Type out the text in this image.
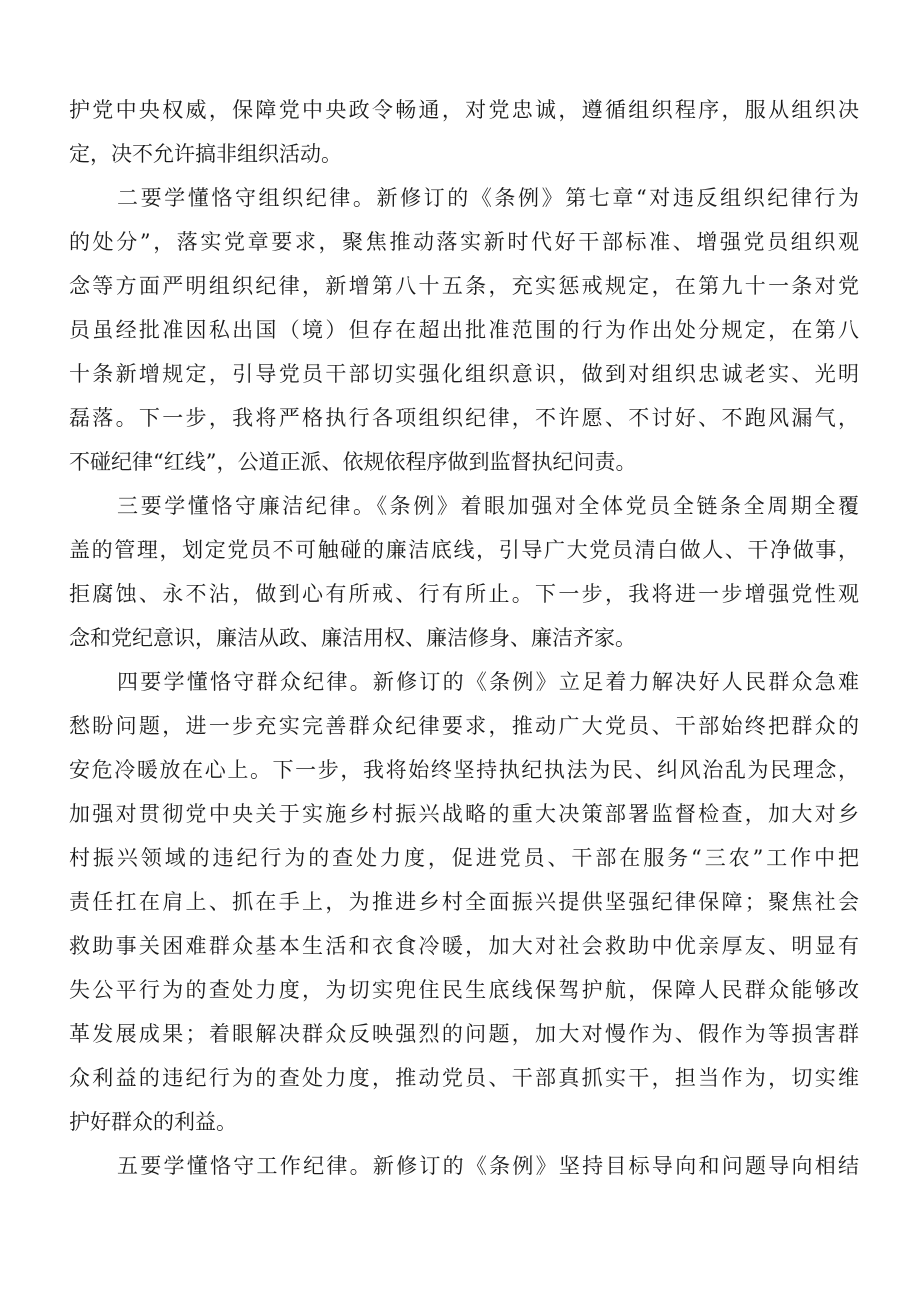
护党中央权威，保障党中央政令畅通，对党忠诚，遵循组织程序，服从组织决
定，决不允许搞非组织活动。
二要学懂恪守组织纪律。新修订的《条例》第七章“对违反组织纪律行为
的处分”，落实党章要求，聚焦推动落实新时代好干部标准、增强党员组织观
念等方面严明组织纪律，新增第八十五条，充实惩戒规定，在第九十一条对党
员虽经批准因私出国（境）但存在超出批准范围的行为作出处分规定，在第八
十条新增规定，引导党员干部切实强化组织意识，做到对组织忠诚老实、光明
磊落。下一步，我将严格执行各项组织纪律，不许愿、不讨好、不跑风漏气，
不碰纪律“红线”，公道正派、依规依程序做到监督执纪问责。
三要学懂恪守廉洁纪律。《条例》着眼加强对全体党员全链条全周期全覆
盖的管理，划定党员不可触碰的廉洁底线，引导广大党员清白做人、干净做事，
拒腐蚀、永不沾，做到心有所戒、行有所止。下一步，我将进一步增强党性观
念和党纪意识，廉洁从政、廉洁用权、廉洁修身、廉洁齐家。
四要学懂恪守群众纪律。新修订的《条例》立足着力解决好人民群众急难
愁盼问题，进一步充实完善群众纪律要求，推动广大党员、干部始终把群众的
安危冷暖放在心上。下一步，我将始终坚持执纪执法为民、纠风治乱为民理念，
加强对贯彻党中央关于实施乡村振兴战略的重大决策部署监督检查，加大对乡
村振兴领域的违纪行为的查处力度，促进党员、干部在服务“三农”工作中把
责任扛在肩上、抓在手上，为推进乡村全面振兴提供坚强纪律保障；聚焦社会
救助事关困难群众基本生活和衣食冷暖，加大对社会救助中优亲厚友、明显有
失公平行为的查处力度，为切实兜住民生底线保驾护航，保障人民群众能够改
革发展成果；着眼解决群众反映强烈的问题，加大对慢作为、假作为等损害群
众利益的违纪行为的查处力度，推动党员、干部真抓实干，担当作为，切实维
护好群众的利益。
五要学懂恪守工作纪律。新修订的《条例》坚持目标导向和问题导向相结
